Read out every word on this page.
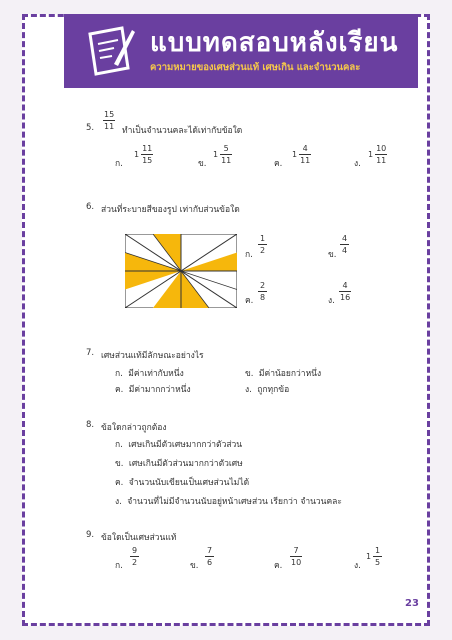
แบบทดสอบหลังเรียน
ความหมายของเศษส่วนแท้ เศษเกิน และจำนวนคละ
5.
15
11 ทำเป็นจำนวนคละได้เท่ากับข้อใด
ก.
1
11
15	ข.
1
5
11	ค.
1
4
11	ง.
1
10
11
6. ส่วนที่ระบายสีของรูป เท่ากับส่วนข้อใด
ก.
1
2	ข.
4
4
ค.
2
8	ง.
4
16
7. เศษส่วนแท้มีลักษณะอย่างไร
ก. มีค่าเท่ากับหนึ่ง	ข. มีค่าน้อยกว่าหนึ่ง
ค. มีค่ามากกว่าหนึ่ง	ง. ถูกทุกข้อ
8. ข้อใดกล่าวถูกต้อง
ก. เศษเกินมีตัวเศษมากกว่าตัวส่วน
ข. เศษเกินมีตัวส่วนมากกว่าตัวเศษ
ค. จำนวนนับเขียนเป็นเศษส่วนไม่ได้
ง. จำนวนที่ไม่มีจำนวนนับอยู่หน้าเศษส่วน เรียกว่า จำนวนคละ
9. ข้อใดเป็นเศษส่วนแท้
ก.
9
2	ข.
7
6	ค.
7
10	ง.
1
1
5
23
